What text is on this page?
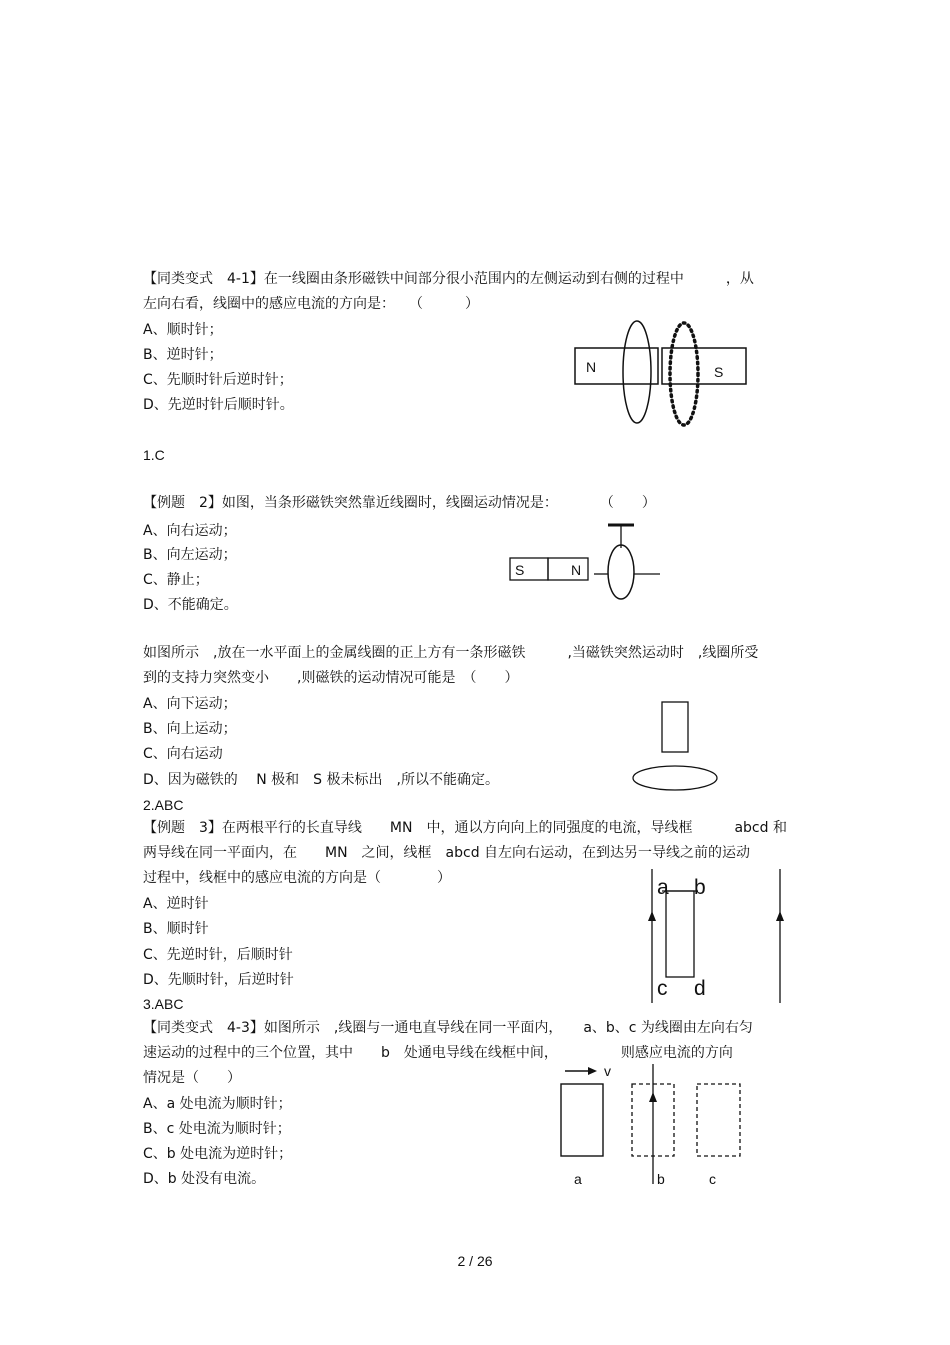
【同类变式　4-1】在一线圈由条形磁铁中间部分很小范围内的左侧运动到右侧的过程中　　　，从
左向右看，线圈中的感应电流的方向是：　　（　　　）
A、顺时针；
B、逆时针；
C、先顺时针后逆时针；
D、先逆时针后顺时针。
1.C
N	S
【例题　2】如图，当条形磁铁突然靠近线圈时，线圈运动情况是：　　　　（　　）
A、向右运动；
B、向左运动；
C、静止；
D、不能确定。
S	N
如图所示　,放在一水平面上的金属线圈的正上方有一条形磁铁　　　,当磁铁突然运动时　,线圈所受
到的支持力突然变小　　,则磁铁的运动情况可能是　（　　）
A、向下运动；
B、向上运动；
C、向右运动
D、因为磁铁的　 N 极和　S 极未标出　,所以不能确定。
2.ABC
【例题　3】在两根平行的长直导线　　MN　中，通以方向向上的同强度的电流，导线框　　　abcd 和
两导线在同一平面内，在　　MN　之间，线框　abcd 自左向右运动，在到达另一导线之前的运动
过程中，线框中的感应电流的方向是（　　　　）
A、逆时针
B、顺时针
C、先逆时针，后顺时针
D、先顺时针，后逆时针
3.ABC
a b
c d
【同类变式　4-3】如图所示　,线圈与一通电直导线在同一平面内，　　a、b、c 为线圈由左向右匀
速运动的过程中的三个位置，其中　　b　处通电导线在线框中间，　　　　　则感应电流的方向
情况是（　　）
A、a 处电流为顺时针；
B、c 处电流为顺时针；
C、b 处电流为逆时针；
D、b 处没有电流。
v
a	b	c
2 / 26
